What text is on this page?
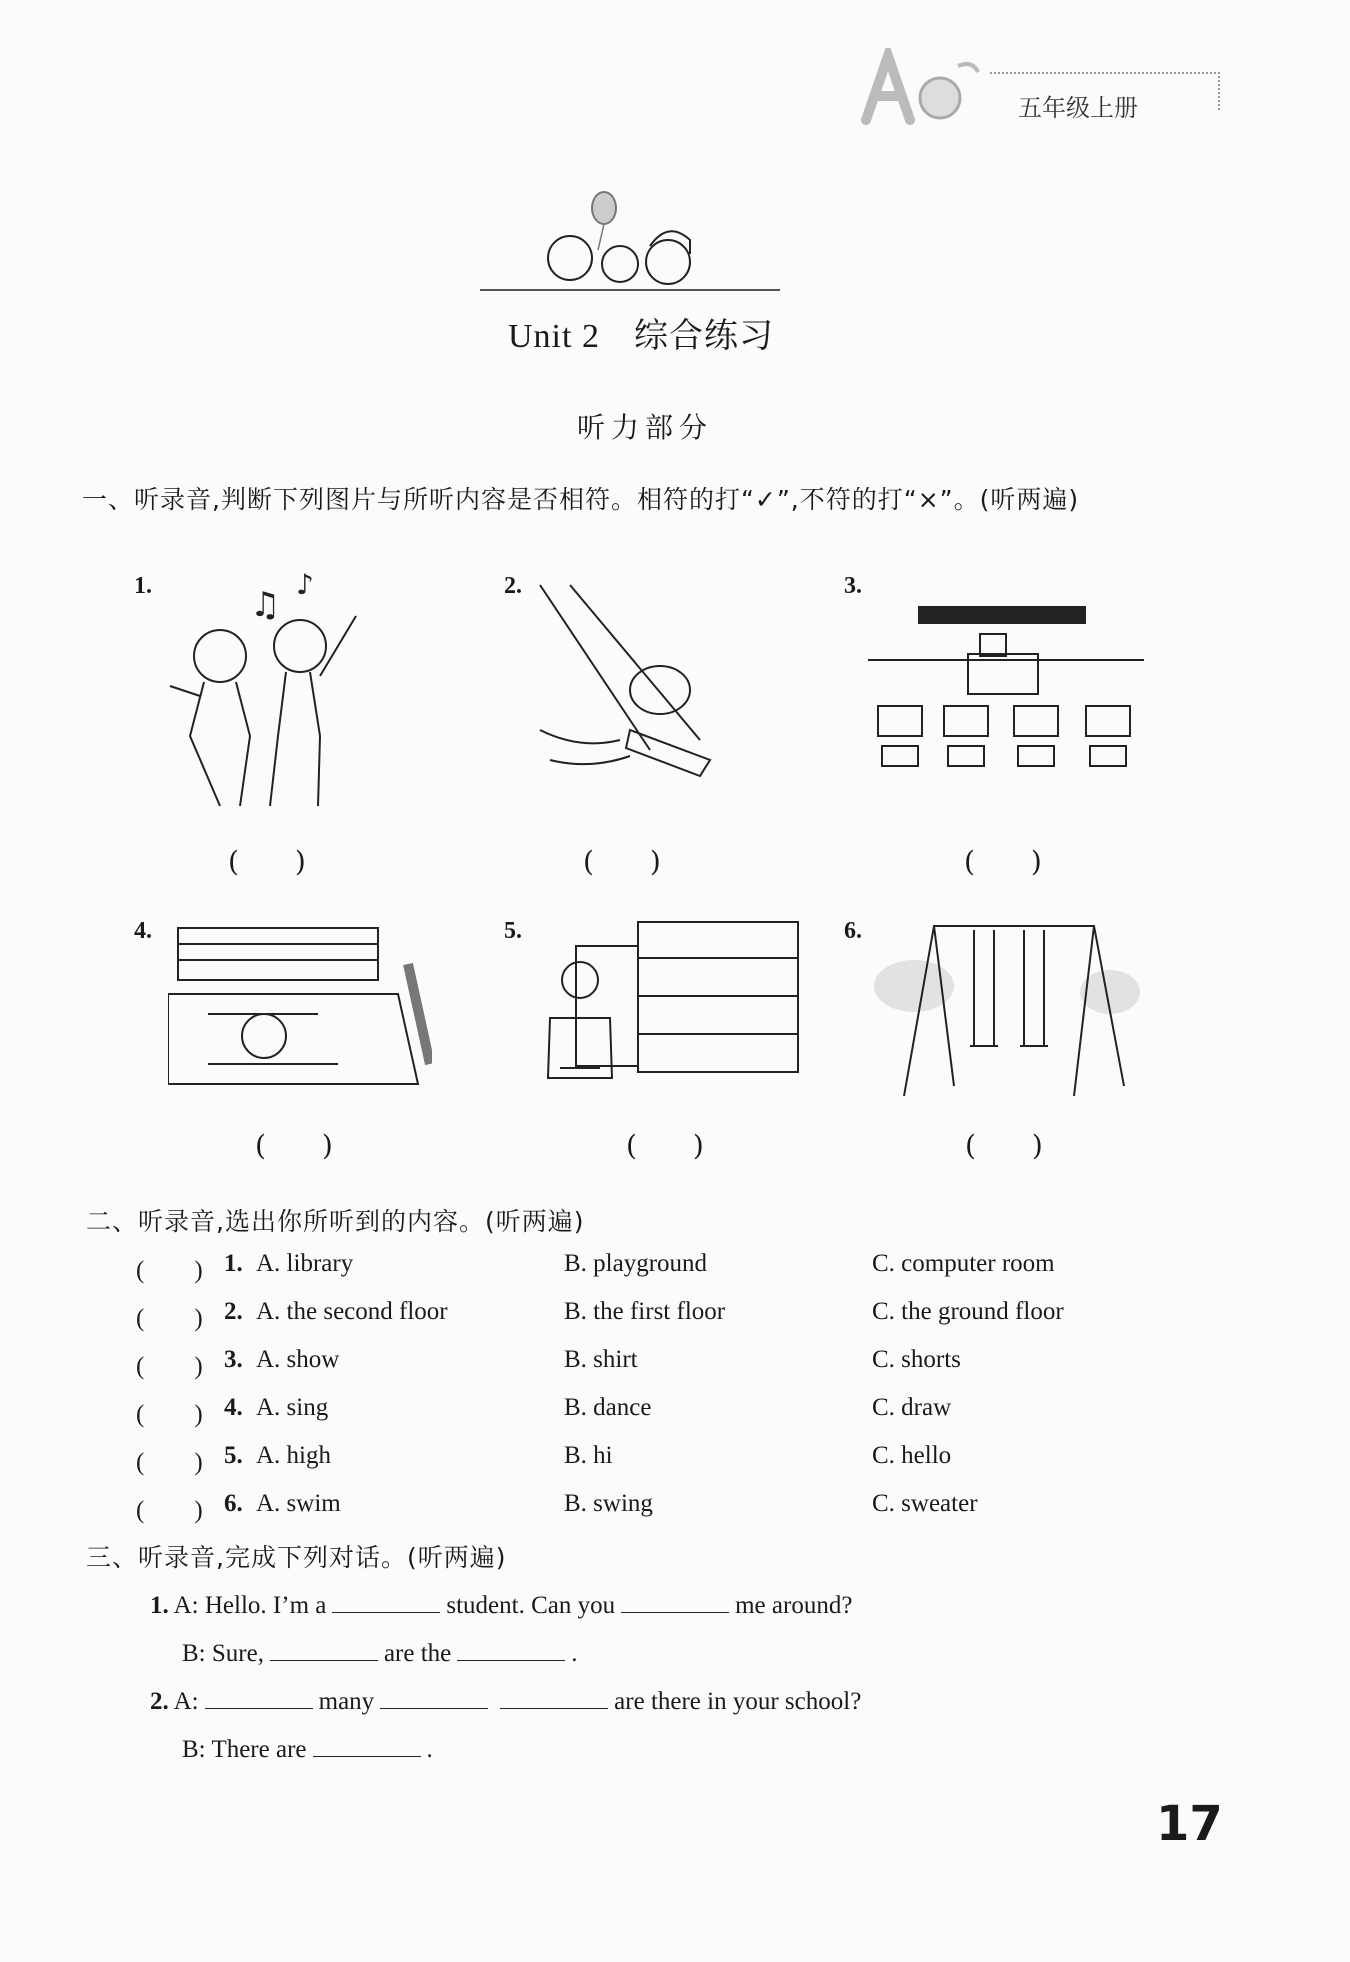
五年级上册
Unit 2 综合练习
听力部分
一、听录音,判断下列图片与所听内容是否相符。相符的打“✓”,不符的打“×”。(听两遍)
1.	♫
♪
(　　)
2.
(　　)
3.
(　　)
4.
(　　)
5.
(　　)
6.
(　　)
二、听录音,选出你所听到的内容。(听两遍)
(　　) 1. A. library	B. playground	C. computer room
(　　) 2. A. the second floor	B. the first floor	C. the ground floor
(　　) 3. A. show	B. shirt	C. shorts
(　　) 4. A. sing	B. dance	C. draw
(　　) 5. A. high	B. hi	C. hello
(　　) 6. A. swim	B. swing	C. sweater
三、听录音,完成下列对话。(听两遍)
1. A: Hello. I’m a	student. Can you	me around?
B: Sure,	are the	.
2. A:	many	are there in your school?
B: There are	.
17
